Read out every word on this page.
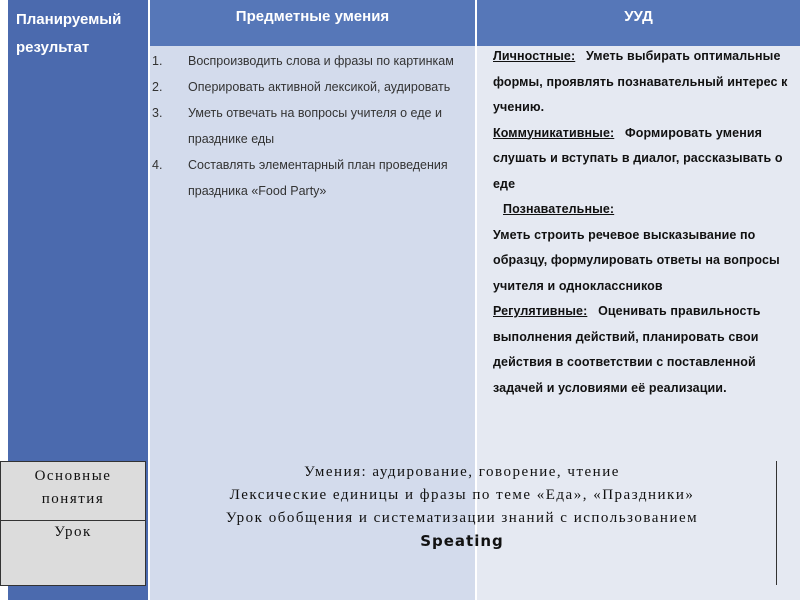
Планируемый результат
Предметные умения	УУД
1. Воспроизводить слова и фразы по картинкам
2. Оперировать активной лексикой, аудировать
3. Уметь отвечать на вопросы учителя о еде и празднике еды
4. Составлять элементарный план проведения праздника «Food Party»
Личностные: Уметь выбирать оптимальные формы, проявлять познавательный интерес к учению.
Коммуникативные: Формировать умения слушать и вступать в диалог, рассказывать о еде
Познавательные:
Уметь строить речевое высказывание по образцу, формулировать ответы на вопросы учителя и одноклассников
Регулятивные: Оценивать правильность выполнения действий, планировать свои действия в соответствии с поставленной задачей и условиями её реализации.
Основные понятия
Урок
Умения: аудирование, говорение, чтение
Лексические единицы и фразы по теме «Еда», «Праздники»
Урок обобщения и систематизации знаний с использованием
Speating
